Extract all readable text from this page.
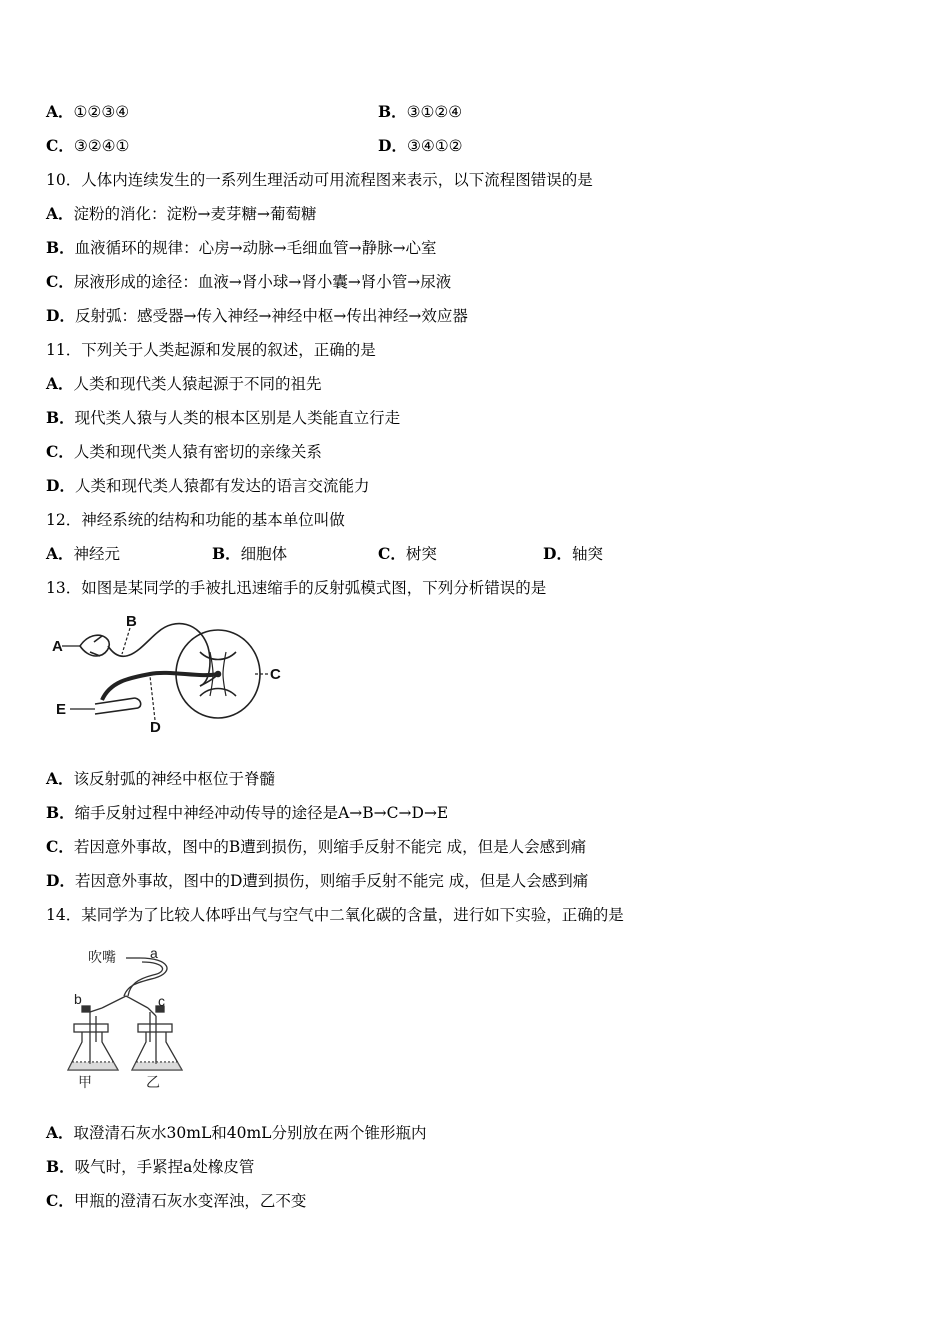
A．①②③④	B．③①②④
C．③②④①	D．③④①②
10．人体内连续发生的一系列生理活动可用流程图来表示，以下流程图错误的是
A．淀粉的消化：淀粉→麦芽糖→葡萄糖
B．血液循环的规律：心房→动脉→毛细血管→静脉→心室
C．尿液形成的途径：血液→肾小球→肾小囊→肾小管→尿液
D．反射弧：感受器→传入神经→神经中枢→传出神经→效应器
11．下列关于人类起源和发展的叙述，正确的是
A．人类和现代类人猿起源于不同的祖先
B．现代类人猿与人类的根本区别是人类能直立行走
C．人类和现代类人猿有密切的亲缘关系
D．人类和现代类人猿都有发达的语言交流能力
12．神经系统的结构和功能的基本单位叫做
A．神经元	B．细胞体	C．树突	D．轴突
13．如图是某同学的手被扎迅速缩手的反射弧模式图，下列分析错误的是
A
B
C
D
E
A．该反射弧的神经中枢位于脊髓
B．缩手反射过程中神经冲动传导的途径是A→B→C→D→E
C．若因意外事故，图中的B遭到损伤，则缩手反射不能完 成，但是人会感到痛
D．若因意外事故，图中的D遭到损伤，则缩手反射不能完 成，但是人会感到痛
14．某同学为了比较人体呼出气与空气中二氧化碳的含量，进行如下实验，正确的是
吹嘴 a
b	c
甲	乙
A．取澄清石灰水30mL和40mL分别放在两个锥形瓶内
B．吸气时，手紧捏a处橡皮管
C．甲瓶的澄清石灰水变浑浊，乙不变
